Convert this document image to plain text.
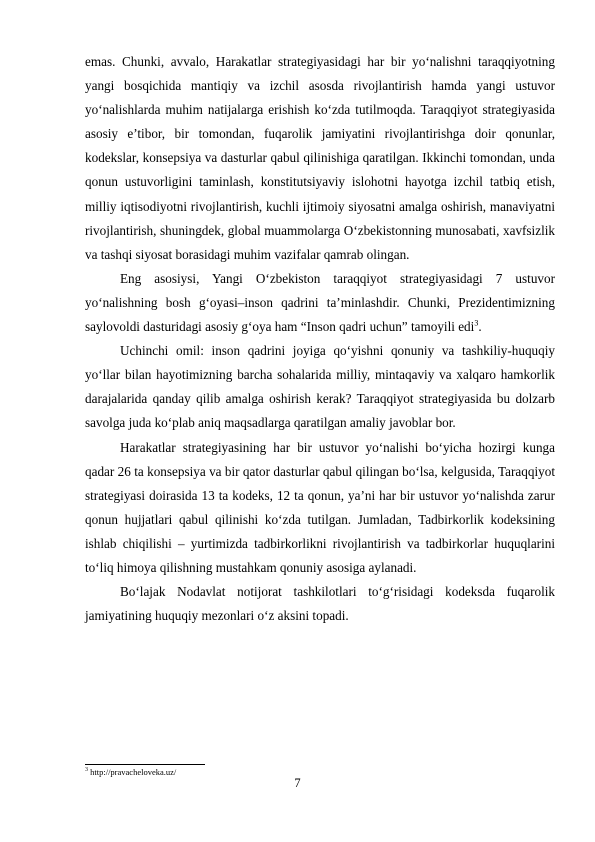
emas. Chunki, avvalo, Harakatlar strategiyasidagi har bir yo‘nalishni taraqqiyotning yangi bosqichida mantiqiy va izchil asosda rivojlantirish hamda yangi ustuvor yo‘nalishlarda muhim natijalarga erishish ko‘zda tutilmoqda. Taraqqiyot strategiyasida asosiy e’tibor, bir tomondan, fuqarolik jamiyatini rivojlantirishga doir qonunlar, kodekslar, konsepsiya va dasturlar qabul qilinishiga qaratilgan. Ikkinchi tomondan, unda qonun ustuvorligini taminlash, konstitutsiyaviy islohotni hayotga izchil tatbiq etish, milliy iqtisodiyotni rivojlantirish, kuchli ijtimoiy siyosatni amalga oshirish, manaviyatni rivojlantirish, shuningdek, global muammolarga O‘zbekistonning munosabati, xavfsizlik va tashqi siyosat borasidagi muhim vazifalar qamrab olingan.

Eng asosiysi, Yangi O‘zbekiston taraqqiyot strategiyasidagi 7 ustuvor yo‘nalishning bosh g‘oyasi–inson qadrini ta’minlashdir. Chunki, Prezidentimizning saylovoldi dasturidagi asosiy g‘oya ham “Inson qadri uchun” tamoyili edi$^3$.

Uchinchi omil: inson qadrini joyiga qo‘yishni qonuniy va tashkiliy-huquqiy yo‘llar bilan hayotimizning barcha sohalarida milliy, mintaqaviy va xalqaro hamkorlik darajalarida qanday qilib amalga oshirish kerak? Taraqqiyot strategiyasida bu dolzarb savolga juda ko‘plab aniq maqsadlarga qaratilgan amaliy javoblar bor.

Harakatlar strategiyasining har bir ustuvor yo‘nalishi bo‘yicha hozirgi kunga qadar 26 ta konsepsiya va bir qator dasturlar qabul qilingan bo‘lsa, kelgusida, Taraqqiyot strategiyasi doirasida 13 ta kodeks, 12 ta qonun, ya’ni har bir ustuvor yo‘nalishda zarur qonun hujjatlari qabul qilinishi ko‘zda tutilgan. Jumladan, Tadbirkorlik kodeksining ishlab chiqilishi – yurtimizda tadbirkorlikni rivojlantirish va tadbirkorlar huquqlarini to‘liq himoya qilishning mustahkam qonuniy asosiga aylanadi.

Bo‘lajak Nodavlat notijorat tashkilotlari to‘g‘risidagi kodeksda fuqarolik jamiyatining huquqiy mezonlari o‘z aksini topadi.

$^3$ http://pravacheloveka.uz/
7
